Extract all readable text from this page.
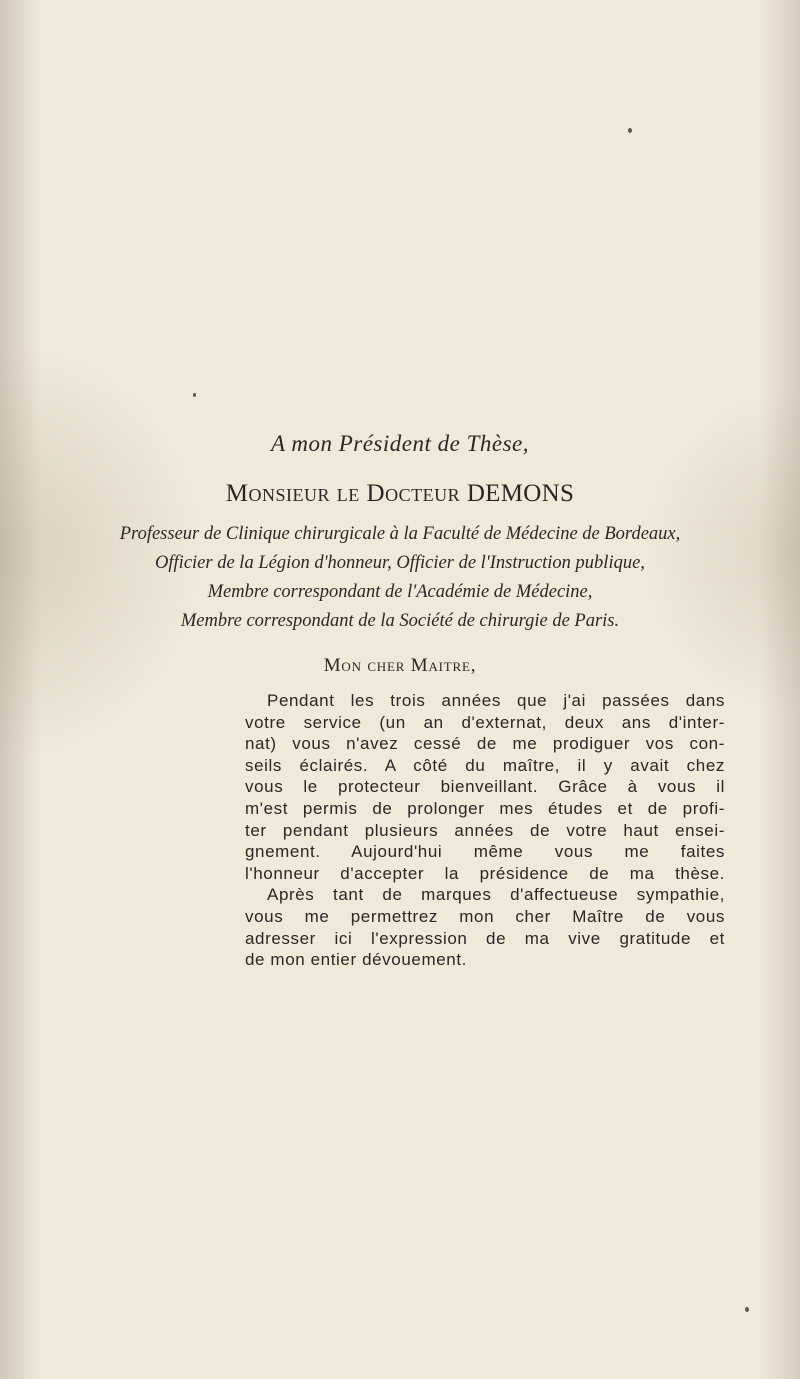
A mon Président de Thèse,
Monsieur le Docteur DEMONS
Professeur de Clinique chirurgicale à la Faculté de Médecine de Bordeaux,
Officier de la Légion d'honneur, Officier de l'Instruction publique,
Membre correspondant de l'Académie de Médecine,
Membre correspondant de la Société de chirurgie de Paris.
Mon cher Maitre,
Pendant les trois années que j'ai passées dans
votre service (un an d'externat, deux ans d'inter-
nat) vous n'avez cessé de me prodiguer vos con-
seils éclairés. A côté du maître, il y avait chez
vous le protecteur bienveillant. Grâce à vous il
m'est permis de prolonger mes études et de profi-
ter pendant plusieurs années de votre haut ensei-
gnement. Aujourd'hui même vous me faites
l'honneur d'accepter la présidence de ma thèse.
Après tant de marques d'affectueuse sympathie,
vous me permettrez mon cher Maître de vous
adresser ici l'expression de ma vive gratitude et
de mon entier dévouement.
